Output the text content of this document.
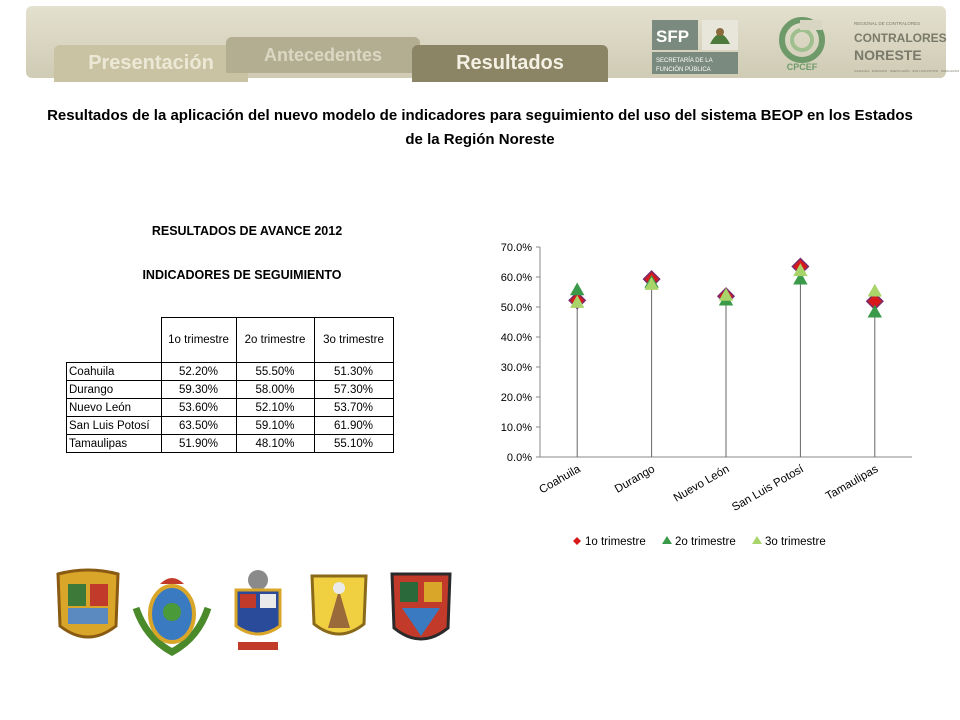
Presentación	Antecedentes	Resultados
SFP
SECRETARÍA DE LA
FUNCIÓN PÚBLICA	CPCEF
REGIONAL DE CONTRALORES
CONTRALORES
NORESTE
COAHUILA · DURANGO · NUEVO LEÓN · SAN LUIS POTOSÍ · TAMAULIPAS
Resultados de la aplicación del nuevo modelo de indicadores para seguimiento del uso del sistema BEOP en los Estados de la Región Noreste
RESULTADOS DE AVANCE 2012
INDICADORES DE SEGUIMIENTO
	1o trimestre	2o trimestre	3o trimestre
Coahuila	52.20%	55.50%	51.30%
Durango	59.30%	58.00%	57.30%
Nuevo León	53.60%	52.10%	53.70%
San Luis Potosí	63.50%	59.10%	61.90%
Tamaulipas	51.90%	48.10%	55.10%
0.0%
10.0%
20.0%
30.0%
40.0%
50.0%
60.0%
70.0%
Coahuila	Durango Nuevo León
San Luis Potosí Tamaulipas
1o trimestre	2o trimestre	3o trimestre
